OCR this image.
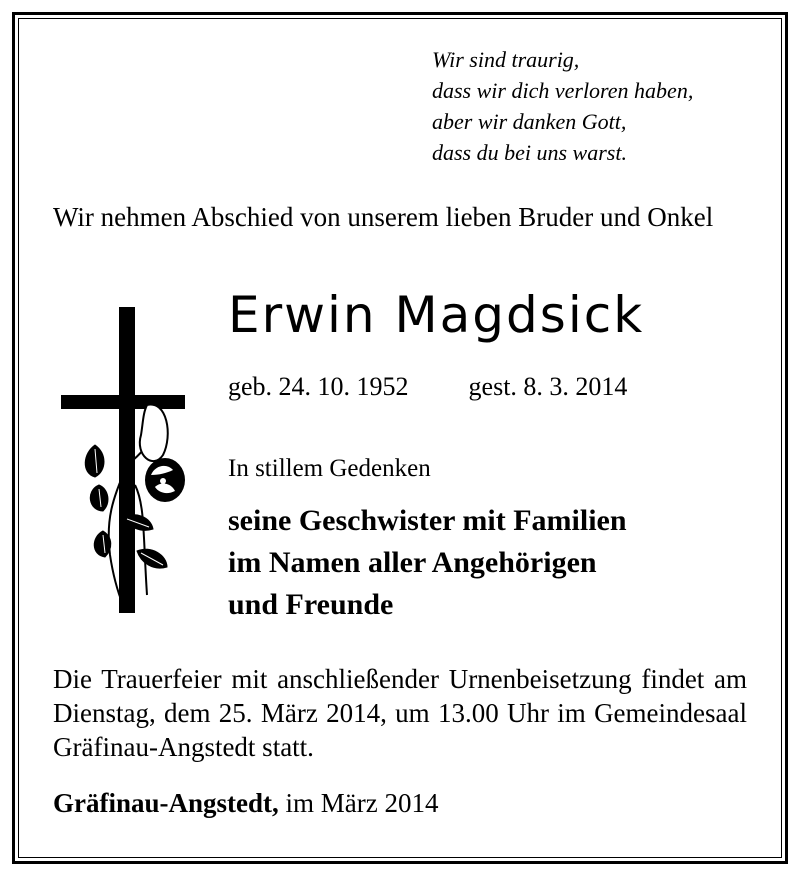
Wir sind traurig,
dass wir dich verloren haben,
aber wir danken Gott,
dass du bei uns warst.
Wir nehmen Abschied von unserem lieben Bruder und Onkel
Erwin Magdsick
geb. 24. 10. 1952 gest. 8. 3. 2014
In stillem Gedenken
seine Geschwister mit Familien
im Namen aller Angehörigen
und Freunde
Die Trauerfeier mit anschließender Urnenbeisetzung findet am Dienstag, dem 25. März 2014, um 13.00 Uhr im Gemeindesaal Gräfinau-Angstedt statt.
Gräfinau-Angstedt, im März 2014
